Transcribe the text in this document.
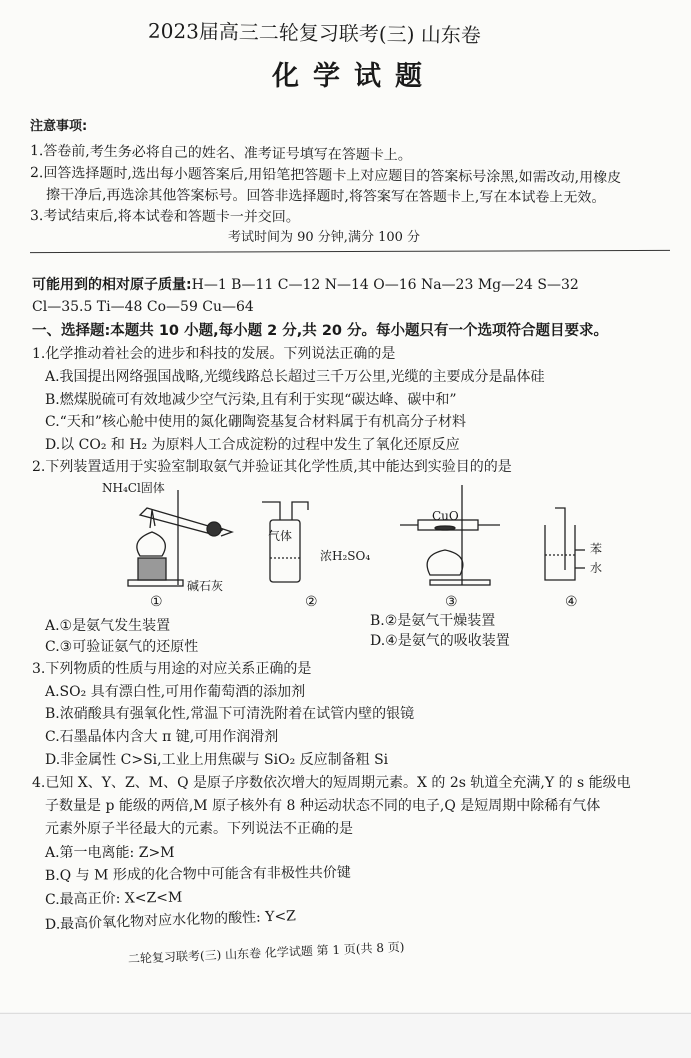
2023届高三二轮复习联考(三) 山东卷
化学试题
注意事项:
1.答卷前,考生务必将自己的姓名、准考证号填写在答题卡上。
2.回答选择题时,选出每小题答案后,用铅笔把答题卡上对应题目的答案标号涂黑,如需改动,用橡皮
擦干净后,再选涂其他答案标号。回答非选择题时,将答案写在答题卡上,写在本试卷上无效。
3.考试结束后,将本试卷和答题卡一并交回。
考试时间为 90 分钟,满分 100 分
可能用到的相对原子质量:H—1 B—11 C—12 N—14 O—16 Na—23 Mg—24 S—32
Cl—35.5 Ti—48 Co—59 Cu—64
一、选择题:本题共 10 小题,每小题 2 分,共 20 分。每小题只有一个选项符合题目要求。
1.化学推动着社会的进步和科技的发展。下列说法正确的是
A.我国提出网络强国战略,光缆线路总长超过三千万公里,光缆的主要成分是晶体硅
B.燃煤脱硫可有效地减少空气污染,且有利于实现“碳达峰、碳中和”
C.“天和”核心舱中使用的氮化硼陶瓷基复合材料属于有机高分子材料
D.以 CO₂ 和 H₂ 为原料人工合成淀粉的过程中发生了氧化还原反应
2.下列装置适用于实验室制取氨气并验证其化学性质,其中能达到实验目的的是
NH₄Cl固体
碱石灰
气体
浓H₂SO₄
CuO
苯
水
①	②	③	④
A.①是氨气发生装置	B.②是氨气干燥装置
C.③可验证氨气的还原性	D.④是氨气的吸收装置
3.下列物质的性质与用途的对应关系正确的是
A.SO₂ 具有漂白性,可用作葡萄酒的添加剂
B.浓硝酸具有强氧化性,常温下可清洗附着在试管内壁的银镜
C.石墨晶体内含大 π 键,可用作润滑剂
D.非金属性 C>Si,工业上用焦碳与 SiO₂ 反应制备粗 Si
4.已知 X、Y、Z、M、Q 是原子序数依次增大的短周期元素。X 的 2s 轨道全充满,Y 的 s 能级电
子数量是 p 能级的两倍,M 原子核外有 8 种运动状态不同的电子,Q 是短周期中除稀有气体
元素外原子半径最大的元素。下列说法不正确的是
A.第一电离能: Z>M
B.Q 与 M 形成的化合物中可能含有非极性共价键
C.最高正价: X<Z<M
D.最高价氧化物对应水化物的酸性: Y<Z
二轮复习联考(三) 山东卷 化学试题 第 1 页(共 8 页)
